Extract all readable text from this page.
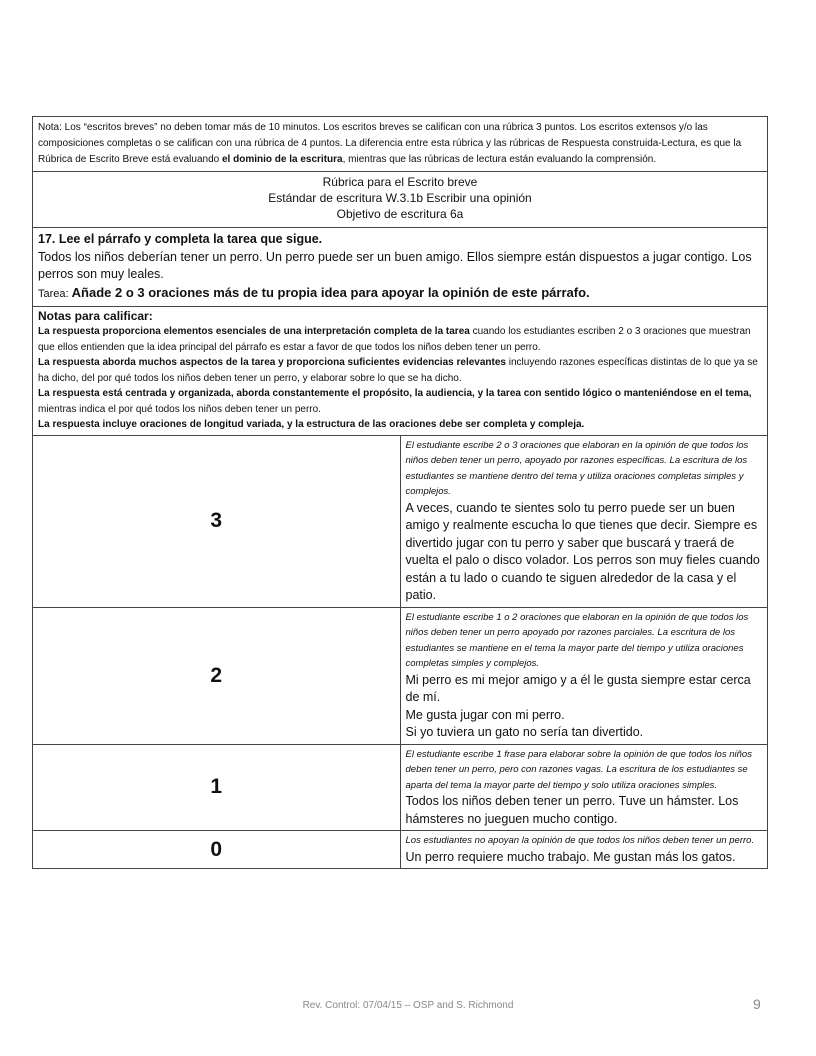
Nota: Los “escritos breves” no deben tomar más de 10 minutos. Los escritos breves se califican con una rúbrica 3 puntos. Los escritos extensos y/o las composiciones completas o se califican con una rúbrica de 4 puntos. La diferencia entre esta rúbrica y las rúbricas de Respuesta construida-Lectura, es que la Rúbrica de Escrito Breve está evaluando el dominio de la escritura, mientras que las rúbricas de lectura están evaluando la comprensión.	

Rúbrica para el Escrito breve
Estándar de escritura W.3.1b Escribir una opinión
Objetivo de escritura 6a	

17. Lee el párrafo y completa la tarea que sigue.
Todos los niños deberían tener un perro. Un perro puede ser un buen amigo. Ellos siempre están dispuestos a jugar contigo. Los perros son muy leales.
Tarea: Añade 2 o 3 oraciones más de tu propia idea para apoyar la opinión de este párrafo.	

Notas para calificar:
La respuesta proporciona elementos esenciales de una interpretación completa de la tarea cuando los estudiantes escriben 2 o 3 oraciones que muestran que ellos entienden que la idea principal del párrafo es estar a favor de que todos los niños deben tener un perro.
La respuesta aborda muchos aspectos de la tarea y proporciona suficientes evidencias relevantes incluyendo razones específicas distintas de lo que ya se ha dicho, del por qué todos los niños deben tener un perro, y elaborar sobre lo que se ha dicho.
La respuesta está centrada y organizada, aborda constantemente el propósito, la audiencia, y la tarea con sentido lógico o manteniéndose en el tema, mientras indica el por qué todos los niños deben tener un perro.
La respuesta incluye oraciones de longitud variada, y la estructura de las oraciones debe ser completa y compleja.	

3	El estudiante escribe 2 o 3 oraciones que elaboran en la opinión de que todos los niños deben tener un perro, apoyado por razones específicas. La escritura de los estudiantes se mantiene dentro del tema y utiliza oraciones completas simples y complejos.
A veces, cuando te sientes solo tu perro puede ser un buen amigo y realmente escucha lo que tienes que decir. Siempre es divertido jugar con tu perro y saber que buscará y traerá de vuelta el palo o disco volador. Los perros son muy fieles cuando están a tu lado o cuando te siguen alrededor de la casa y el patio.

2	El estudiante escribe 1 o 2 oraciones que elaboran en la opinión de que todos los niños deben tener un perro apoyado por razones parciales. La escritura de los estudiantes se mantiene en el tema la mayor parte del tiempo y utiliza oraciones completas simples y complejos.
Mi perro es mi mejor amigo y a él le gusta siempre estar cerca de mí.
Me gusta jugar con mi perro.
Si yo tuviera un gato no sería tan divertido.

1	El estudiante escribe 1 frase para elaborar sobre la opinión de que todos los niños deben tener un perro, pero con razones vagas. La escritura de los estudiantes se aparta del tema la mayor parte del tiempo y solo utiliza oraciones simples.
Todos los niños deben tener un perro. Tuve un hámster. Los hámsteres no jueguen mucho contigo.

0	Los estudiantes no apoyan la opinión de que todos los niños deben tener un perro.
Un perro requiere mucho trabajo. Me gustan más los gatos.
Rev. Control: 07/04/15 – OSP and S. Richmond	9
